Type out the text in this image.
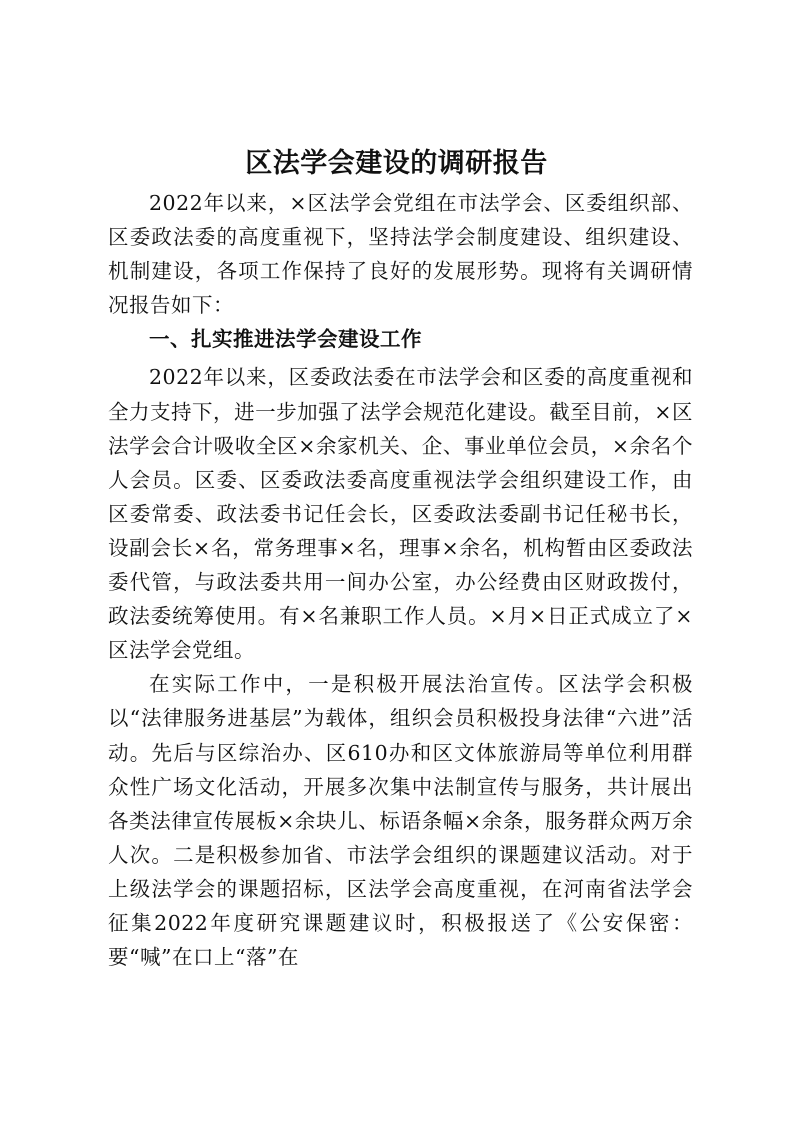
区法学会建设的调研报告

2022年以来，×区法学会党组在市法学会、区委组织部、区委政法委的高度重视下，坚持法学会制度建设、组织建设、机制建设，各项工作保持了良好的发展形势。现将有关调研情况报告如下：

一、扎实推进法学会建设工作

2022年以来，区委政法委在市法学会和区委的高度重视和全力支持下，进一步加强了法学会规范化建设。截至目前，×区法学会合计吸收全区×余家机关、企、事业单位会员，×余名个人会员。区委、区委政法委高度重视法学会组织建设工作，由区委常委、政法委书记任会长，区委政法委副书记任秘书长，设副会长×名，常务理事×名，理事×余名，机构暂由区委政法委代管，与政法委共用一间办公室，办公经费由区财政拨付，政法委统筹使用。有×名兼职工作人员。×月×日正式成立了×区法学会党组。

在实际工作中，一是积极开展法治宣传。区法学会积极以“法律服务进基层”为载体，组织会员积极投身法律“六进”活动。先后与区综治办、区610办和区文体旅游局等单位利用群众性广场文化活动，开展多次集中法制宣传与服务，共计展出各类法律宣传展板×余块儿、标语条幅×余条，服务群众两万余人次。二是积极参加省、市法学会组织的课题建议活动。对于上级法学会的课题招标，区法学会高度重视，在河南省法学会征集2022年度研究课题建议时，积极报送了《公安保密：要“喊”在口上“落”在
